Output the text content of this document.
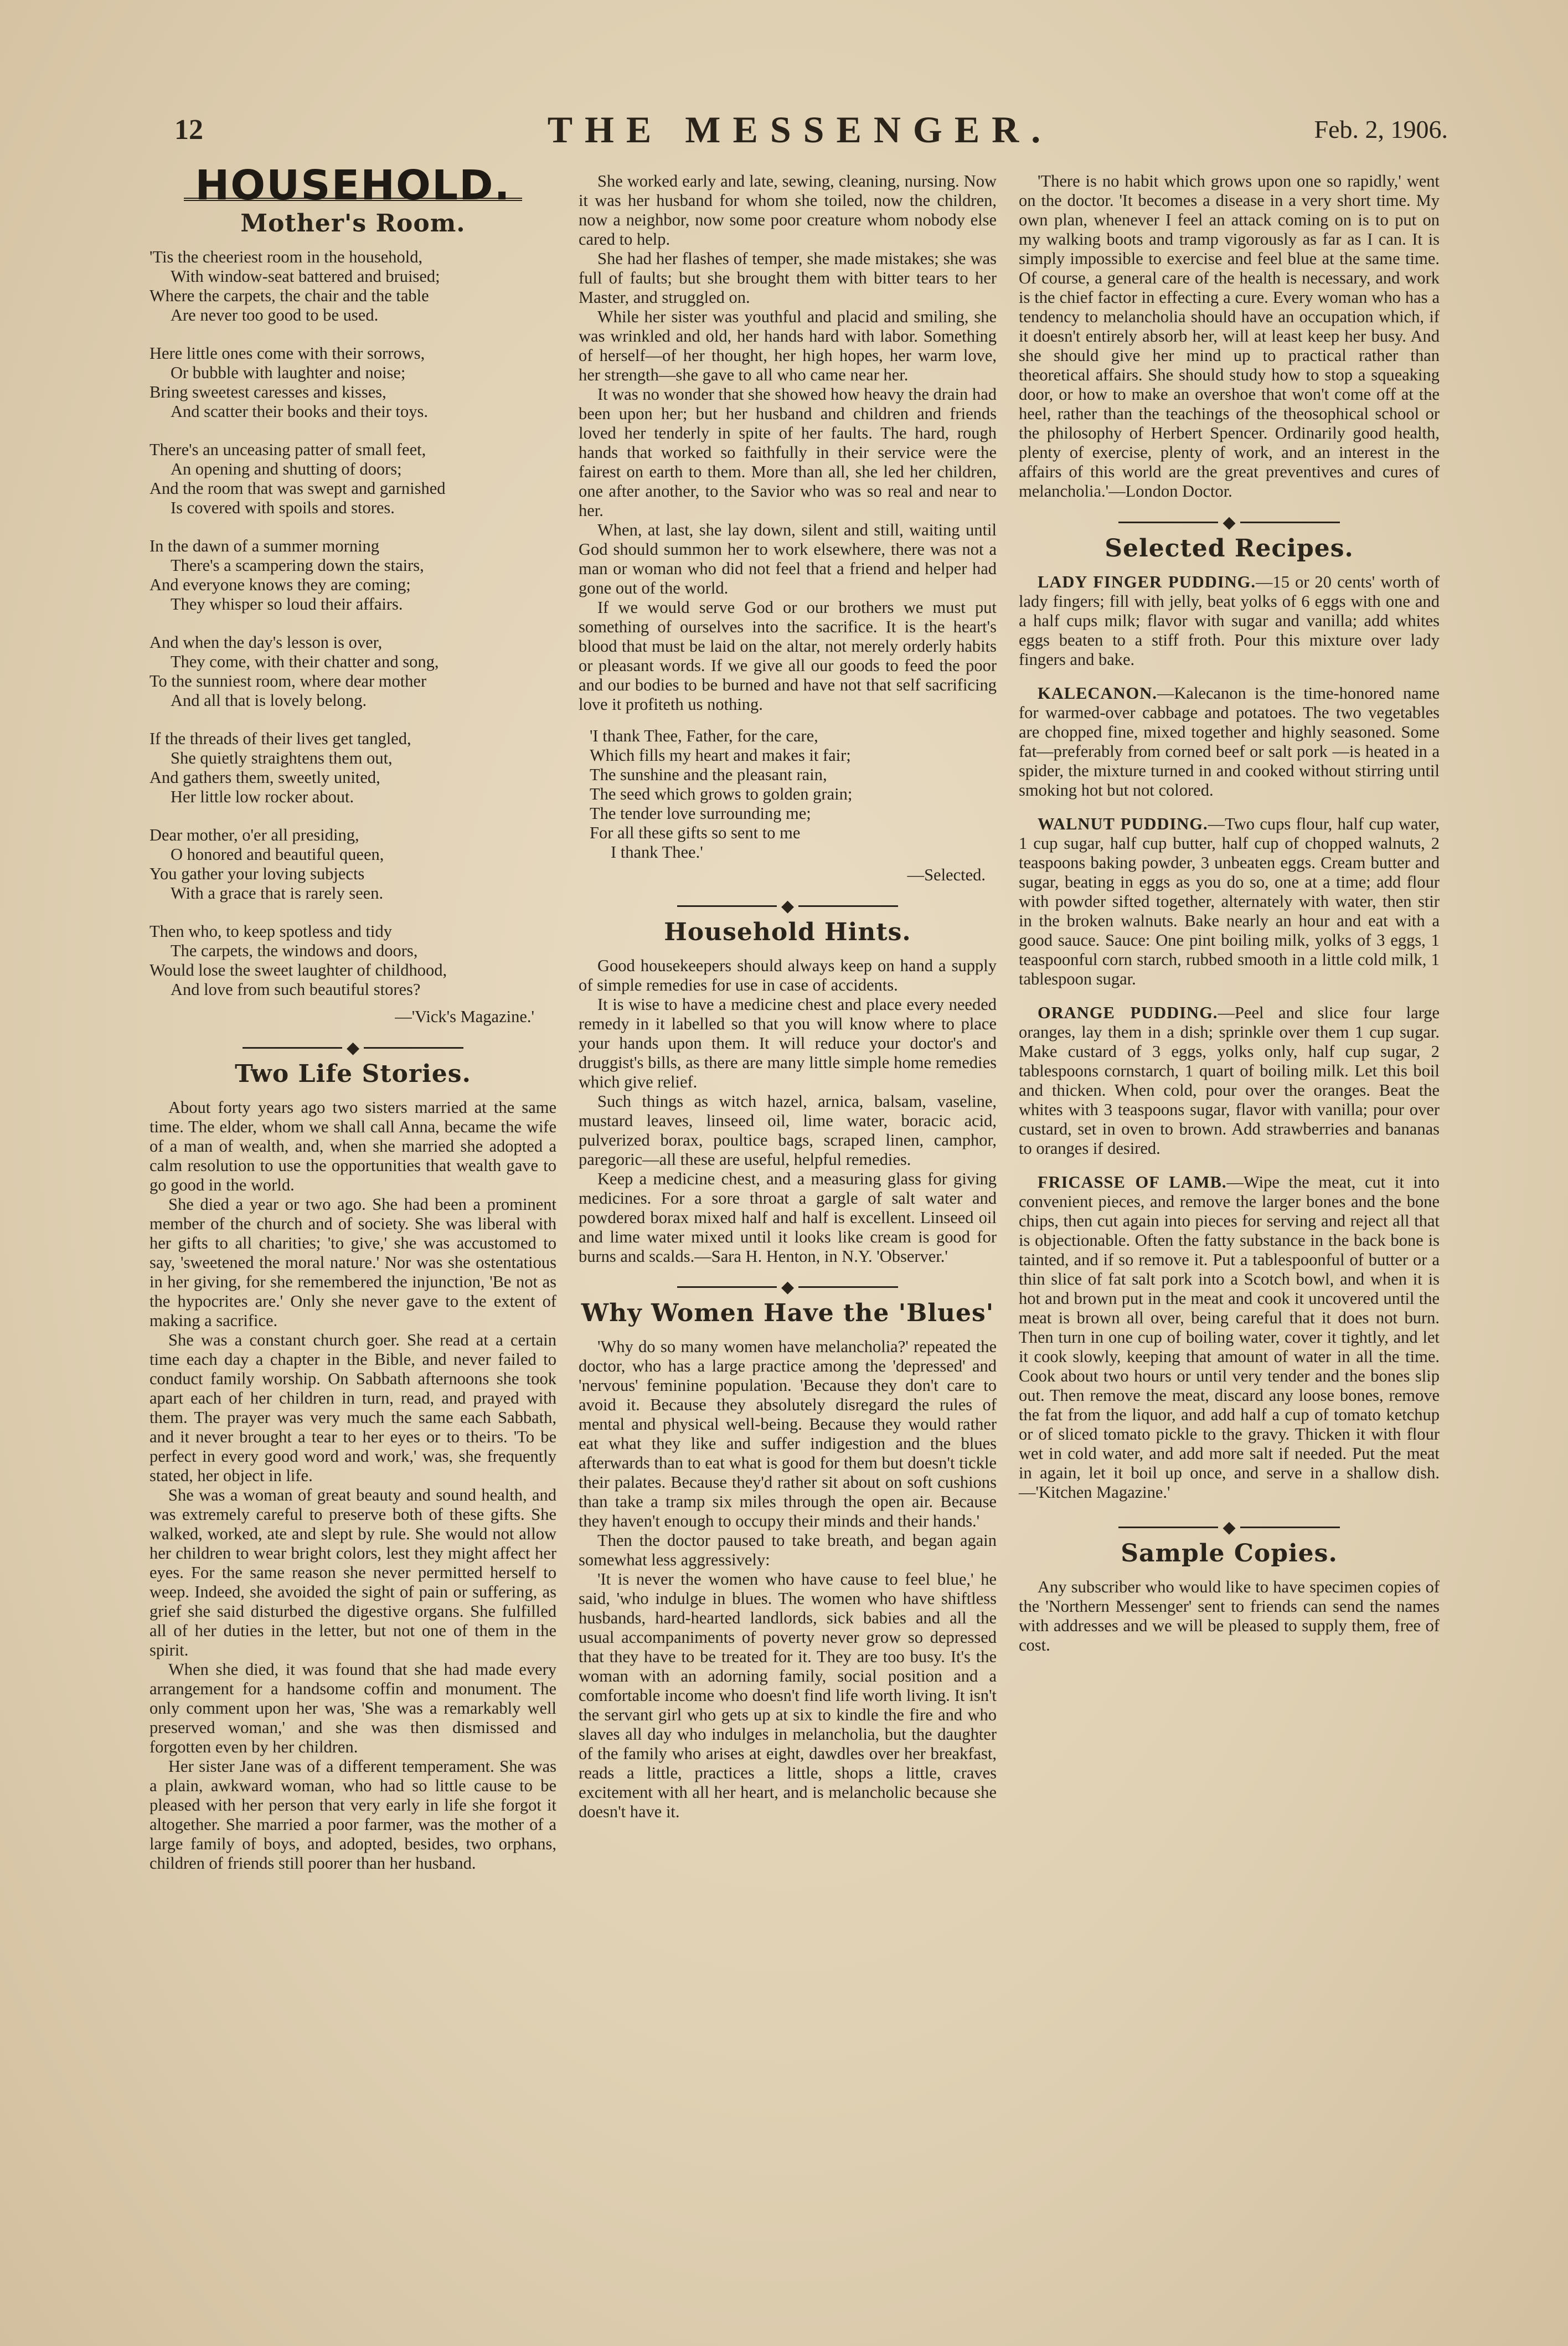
12	THE MESSENGER.	Feb. 2, 1906.
HOUSEHOLD.
Mother's Room.
'Tis the cheeriest room in the household,
With window-seat battered and bruised;
Where the carpets, the chair and the table
Are never too good to be used.
Here little ones come with their sorrows,
Or bubble with laughter and noise;
Bring sweetest caresses and kisses,
And scatter their books and their toys.
There's an unceasing patter of small feet,
An opening and shutting of doors;
And the room that was swept and garnished
Is covered with spoils and stores.
In the dawn of a summer morning
There's a scampering down the stairs,
And everyone knows they are coming;
They whisper so loud their affairs.
And when the day's lesson is over,
They come, with their chatter and song,
To the sunniest room, where dear mother
And all that is lovely belong.
If the threads of their lives get tangled,
She quietly straightens them out,
And gathers them, sweetly united,
Her little low rocker about.
Dear mother, o'er all presiding,
O honored and beautiful queen,
You gather your loving subjects
With a grace that is rarely seen.
Then who, to keep spotless and tidy
The carpets, the windows and doors,
Would lose the sweet laughter of childhood,
And love from such beautiful stores?
—'Vick's Magazine.'
◆
Two Life Stories.

About forty years ago two sisters married at the same time. The elder, whom we shall call Anna, became the wife of a man of wealth, and, when she married she adopted a calm resolution to use the opportunities that wealth gave to go good in the world.

She died a year or two ago. She had been a prominent member of the church and of society. She was liberal with her gifts to all charities; 'to give,' she was accustomed to say, 'sweetened the moral nature.' Nor was she ostentatious in her giving, for she remembered the injunction, 'Be not as the hypocrites are.' Only she never gave to the extent of making a sacrifice.

She was a constant church goer. She read at a certain time each day a chapter in the Bible, and never failed to conduct family worship. On Sabbath afternoons she took apart each of her children in turn, read, and prayed with them. The prayer was very much the same each Sabbath, and it never brought a tear to her eyes or to theirs. 'To be perfect in every good word and work,' was, she frequently stated, her object in life.

She was a woman of great beauty and sound health, and was extremely careful to preserve both of these gifts. She walked, worked, ate and slept by rule. She would not allow her children to wear bright colors, lest they might affect her eyes. For the same reason she never permitted herself to weep. Indeed, she avoided the sight of pain or suffering, as grief she said disturbed the digestive organs. She fulfilled all of her duties in the letter, but not one of them in the spirit.

When she died, it was found that she had made every arrangement for a handsome coffin and monument. The only comment upon her was, 'She was a remarkably well preserved woman,' and she was then dismissed and forgotten even by her children.

Her sister Jane was of a different temperament. She was a plain, awkward woman, who had so little cause to be pleased with her person that very early in life she forgot it altogether. She married a poor farmer, was the mother of a large family of boys, and adopted, besides, two orphans, children of friends still poorer than her husband.

She worked early and late, sewing, cleaning, nursing. Now it was her husband for whom she toiled, now the children, now a neighbor, now some poor creature whom nobody else cared to help.

She had her flashes of temper, she made mistakes; she was full of faults; but she brought them with bitter tears to her Master, and struggled on.

While her sister was youthful and placid and smiling, she was wrinkled and old, her hands hard with labor. Something of herself—of her thought, her high hopes, her warm love, her strength—she gave to all who came near her.

It was no wonder that she showed how heavy the drain had been upon her; but her husband and children and friends loved her tenderly in spite of her faults. The hard, rough hands that worked so faithfully in their service were the fairest on earth to them. More than all, she led her children, one after another, to the Savior who was so real and near to her.

When, at last, she lay down, silent and still, waiting until God should summon her to work elsewhere, there was not a man or woman who did not feel that a friend and helper had gone out of the world.

If we would serve God or our brothers we must put something of ourselves into the sacrifice. It is the heart's blood that must be laid on the altar, not merely orderly habits or pleasant words. If we give all our goods to feed the poor and our bodies to be burned and have not that self sacrificing love it profiteth us nothing.

'I thank Thee, Father, for the care,
Which fills my heart and makes it fair;
The sunshine and the pleasant rain,
The seed which grows to golden grain;
The tender love surrounding me;
For all these gifts so sent to me
I thank Thee.'
—Selected.
◆
Household Hints.

Good housekeepers should always keep on hand a supply of simple remedies for use in case of accidents.

It is wise to have a medicine chest and place every needed remedy in it labelled so that you will know where to place your hands upon them. It will reduce your doctor's and druggist's bills, as there are many little simple home remedies which give relief.

Such things as witch hazel, arnica, balsam, vaseline, mustard leaves, linseed oil, lime water, boracic acid, pulverized borax, poultice bags, scraped linen, camphor, paregoric—all these are useful, helpful remedies.

Keep a medicine chest, and a measuring glass for giving medicines. For a sore throat a gargle of salt water and powdered borax mixed half and half is excellent. Linseed oil and lime water mixed until it looks like cream is good for burns and scalds.—Sara H. Henton, in N.Y. 'Observer.'

◆
Why Women Have the 'Blues'

'Why do so many women have melancholia?' repeated the doctor, who has a large practice among the 'depressed' and 'nervous' feminine population. 'Because they don't care to avoid it. Because they absolutely disregard the rules of mental and physical well-being. Because they would rather eat what they like and suffer indigestion and the blues afterwards than to eat what is good for them but doesn't tickle their palates. Because they'd rather sit about on soft cushions than take a tramp six miles through the open air. Because they haven't enough to occupy their minds and their hands.'

Then the doctor paused to take breath, and began again somewhat less aggressively:

'It is never the women who have cause to feel blue,' he said, 'who indulge in blues. The women who have shiftless husbands, hard-hearted landlords, sick babies and all the usual accompaniments of poverty never grow so depressed that they have to be treated for it. They are too busy. It's the woman with an adorning family, social position and a comfortable income who doesn't find life worth living. It isn't the servant girl who gets up at six to kindle the fire and who slaves all day who indulges in melancholia, but the daughter of the family who arises at eight, dawdles over her breakfast, reads a little, practices a little, shops a little, craves excitement with all her heart, and is melancholic because she doesn't have it.

'There is no habit which grows upon one so rapidly,' went on the doctor. 'It becomes a disease in a very short time. My own plan, whenever I feel an attack coming on is to put on my walking boots and tramp vigorously as far as I can. It is simply impossible to exercise and feel blue at the same time. Of course, a general care of the health is necessary, and work is the chief factor in effecting a cure. Every woman who has a tendency to melancholia should have an occupation which, if it doesn't entirely absorb her, will at least keep her busy. And she should give her mind up to practical rather than theoretical affairs. She should study how to stop a squeaking door, or how to make an overshoe that won't come off at the heel, rather than the teachings of the theosophical school or the philosophy of Herbert Spencer. Ordinarily good health, plenty of exercise, plenty of work, and an interest in the affairs of this world are the great preventives and cures of melancholia.'—London Doctor.

◆
Selected Recipes.

LADY FINGER PUDDING.—15 or 20 cents' worth of lady fingers; fill with jelly, beat yolks of 6 eggs with one and a half cups milk; flavor with sugar and vanilla; add whites eggs beaten to a stiff froth. Pour this mixture over lady fingers and bake.

KALECANON.—Kalecanon is the time-honored name for warmed-over cabbage and potatoes. The two vegetables are chopped fine, mixed together and highly seasoned. Some fat—preferably from corned beef or salt pork —is heated in a spider, the mixture turned in and cooked without stirring until smoking hot but not colored.

WALNUT PUDDING.—Two cups flour, half cup water, 1 cup sugar, half cup butter, half cup of chopped walnuts, 2 teaspoons baking powder, 3 unbeaten eggs. Cream butter and sugar, beating in eggs as you do so, one at a time; add flour with powder sifted together, alternately with water, then stir in the broken walnuts. Bake nearly an hour and eat with a good sauce. Sauce: One pint boiling milk, yolks of 3 eggs, 1 teaspoonful corn starch, rubbed smooth in a little cold milk, 1 tablespoon sugar.

ORANGE PUDDING.—Peel and slice four large oranges, lay them in a dish; sprinkle over them 1 cup sugar. Make custard of 3 eggs, yolks only, half cup sugar, 2 tablespoons cornstarch, 1 quart of boiling milk. Let this boil and thicken. When cold, pour over the oranges. Beat the whites with 3 teaspoons sugar, flavor with vanilla; pour over custard, set in oven to brown. Add strawberries and bananas to oranges if desired.

FRICASSE OF LAMB.—Wipe the meat, cut it into convenient pieces, and remove the larger bones and the bone chips, then cut again into pieces for serving and reject all that is objectionable. Often the fatty substance in the back bone is tainted, and if so remove it. Put a tablespoonful of butter or a thin slice of fat salt pork into a Scotch bowl, and when it is hot and brown put in the meat and cook it uncovered until the meat is brown all over, being careful that it does not burn. Then turn in one cup of boiling water, cover it tightly, and let it cook slowly, keeping that amount of water in all the time. Cook about two hours or until very tender and the bones slip out. Then remove the meat, discard any loose bones, remove the fat from the liquor, and add half a cup of tomato ketchup or of sliced tomato pickle to the gravy. Thicken it with flour wet in cold water, and add more salt if needed. Put the meat in again, let it boil up once, and serve in a shallow dish.—'Kitchen Magazine.'

◆
Sample Copies.

Any subscriber who would like to have specimen copies of the 'Northern Messenger' sent to friends can send the names with addresses and we will be pleased to supply them, free of cost.
